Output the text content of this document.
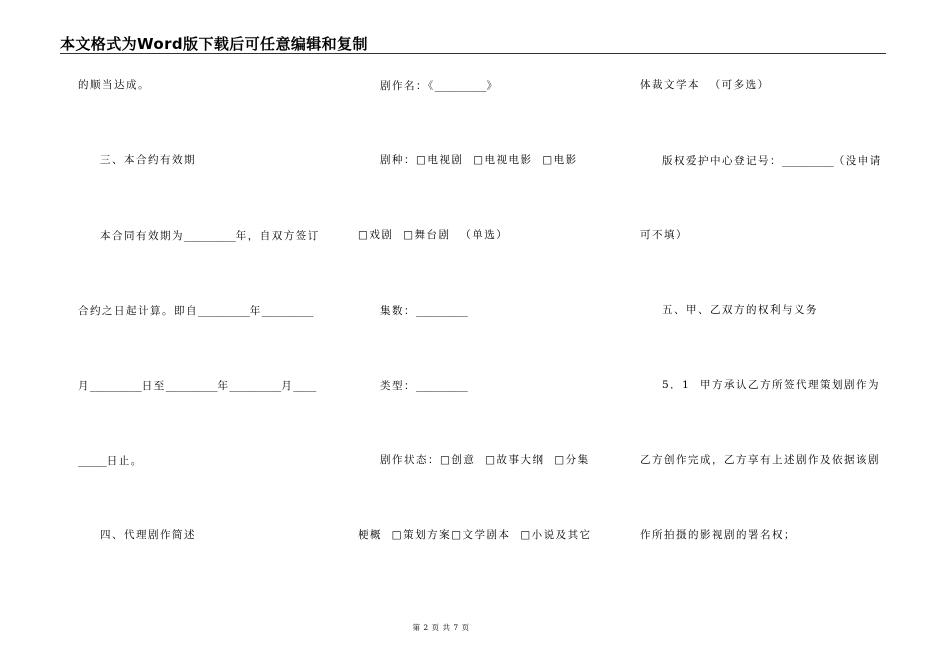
本文格式为Word版下载后可任意编辑和复制
的顺当达成。
三、本合约有效期
本合同有效期为_________年，自双方签订
合约之日起计算。即自_________年_________
月_________日至_________年_________月____
_____日止。
四、代理剧作简述
剧作名：《_________》
剧种：□电视剧  □电视电影  □电影
□戏剧  □舞台剧  （单选）
集数：_________
类型：_________
剧作状态：□创意  □故事大纲  □分集
梗概  □策划方案□文学剧本  □小说及其它
体裁文学本  （可多选）
版权爱护中心登记号：_________（没申请
可不填）
五、甲、乙双方的权利与义务
5．1  甲方承认乙方所签代理策划剧作为
乙方创作完成，乙方享有上述剧作及依据该剧
作所拍摄的影视剧的署名权；
第 2 页 共 7 页
